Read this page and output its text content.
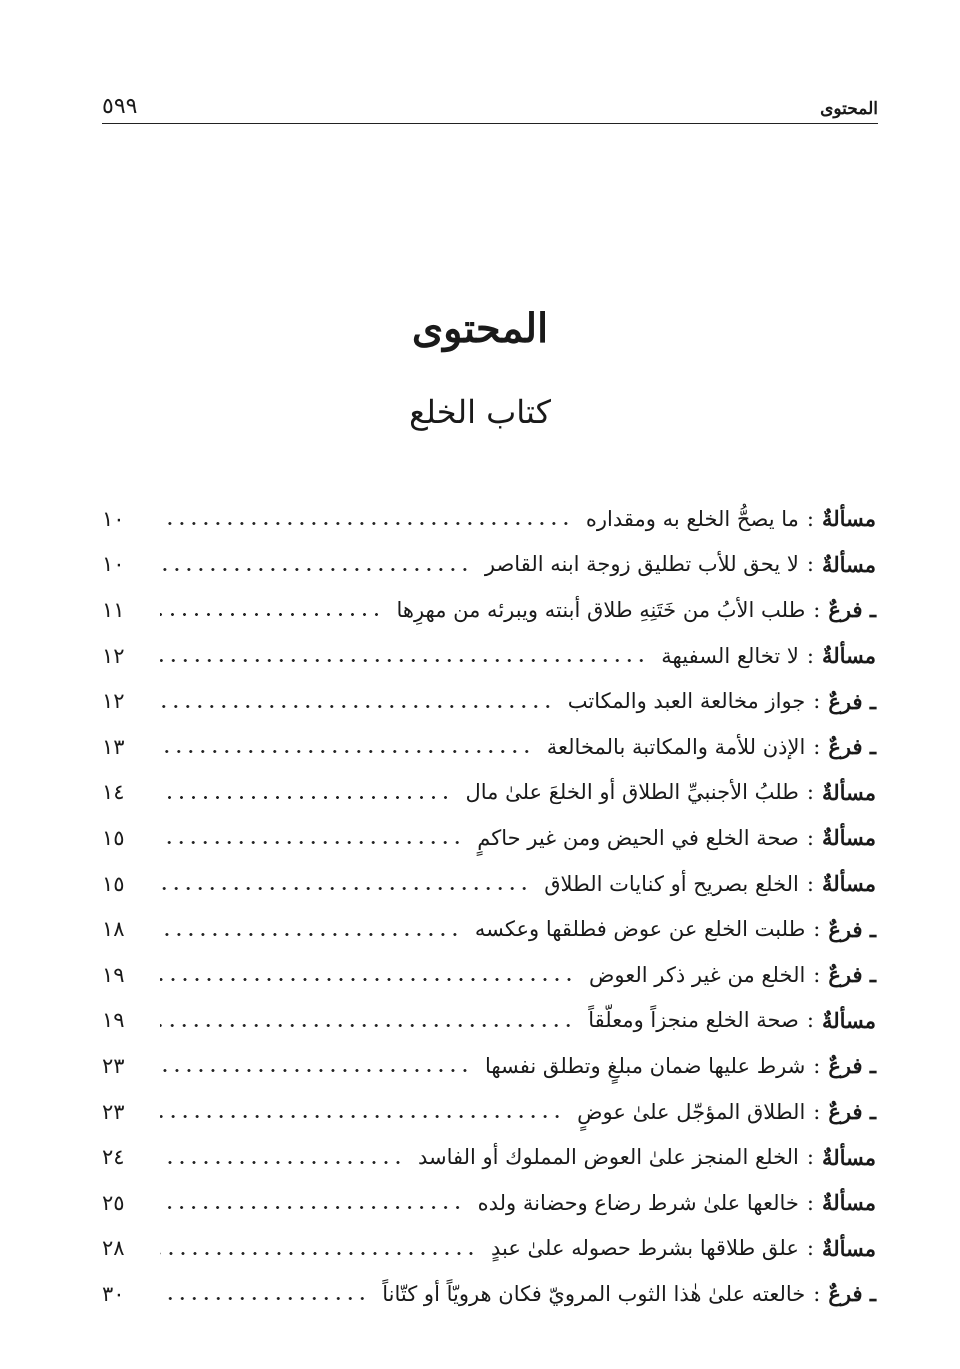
المحتوى
٥٩٩
المحتوى
كتاب الخلع
مسألةٌ
:
ما يصحُّ الخلع به ومقداره
١٠
مسألةٌ
:
لا يحق للأب تطليق زوجة ابنه القاصر
١٠
ـ فرعٌ
:
طلب الأبُ من خَتَنِهِ طلاق أبنته ويبرئه من مهرِها
١١
مسألةٌ
:
لا تخالع السفيهة
١٢
ـ فرعٌ
:
جواز مخالعة العبد والمكاتب
١٢
ـ فرعٌ
:
الإذن للأمة والمكاتبة بالمخالعة
١٣
مسألةٌ
:
طلبُ الأجنبيِّ الطلاق أو الخلعَ علىٰ مال
١٤
مسألةٌ
:
صحة الخلع في الحيض ومن غير حاكمٍ
١٥
مسألةٌ
:
الخلع بصريح أو كنايات الطلاق
١٥
ـ فرعٌ
:
طلبت الخلع عن عوض فطلقها وعكسه
١٨
ـ فرعٌ
:
الخلع من غير ذكر العوض
١٩
مسألةٌ
:
صحة الخلع منجزاً ومعلّقاً
١٩
ـ فرعٌ
:
شرط عليها ضمان مبلغٍ وتطلق نفسها
٢٣
ـ فرعٌ
:
الطلاق المؤجّل علىٰ عوضٍ
٢٣
مسألةٌ
:
الخلع المنجز علىٰ العوض المملوك أو الفاسد
٢٤
مسألةٌ
:
خالعها علىٰ شرط رضاع وحضانة ولده
٢٥
مسألةٌ
:
علق طلاقها بشرط حصوله علىٰ عبدٍ
٢٨
ـ فرعٌ
:
خالعته علىٰ هٰذا الثوب المرويّ فكان هرويّاً أو كتّاناً
٣٠
